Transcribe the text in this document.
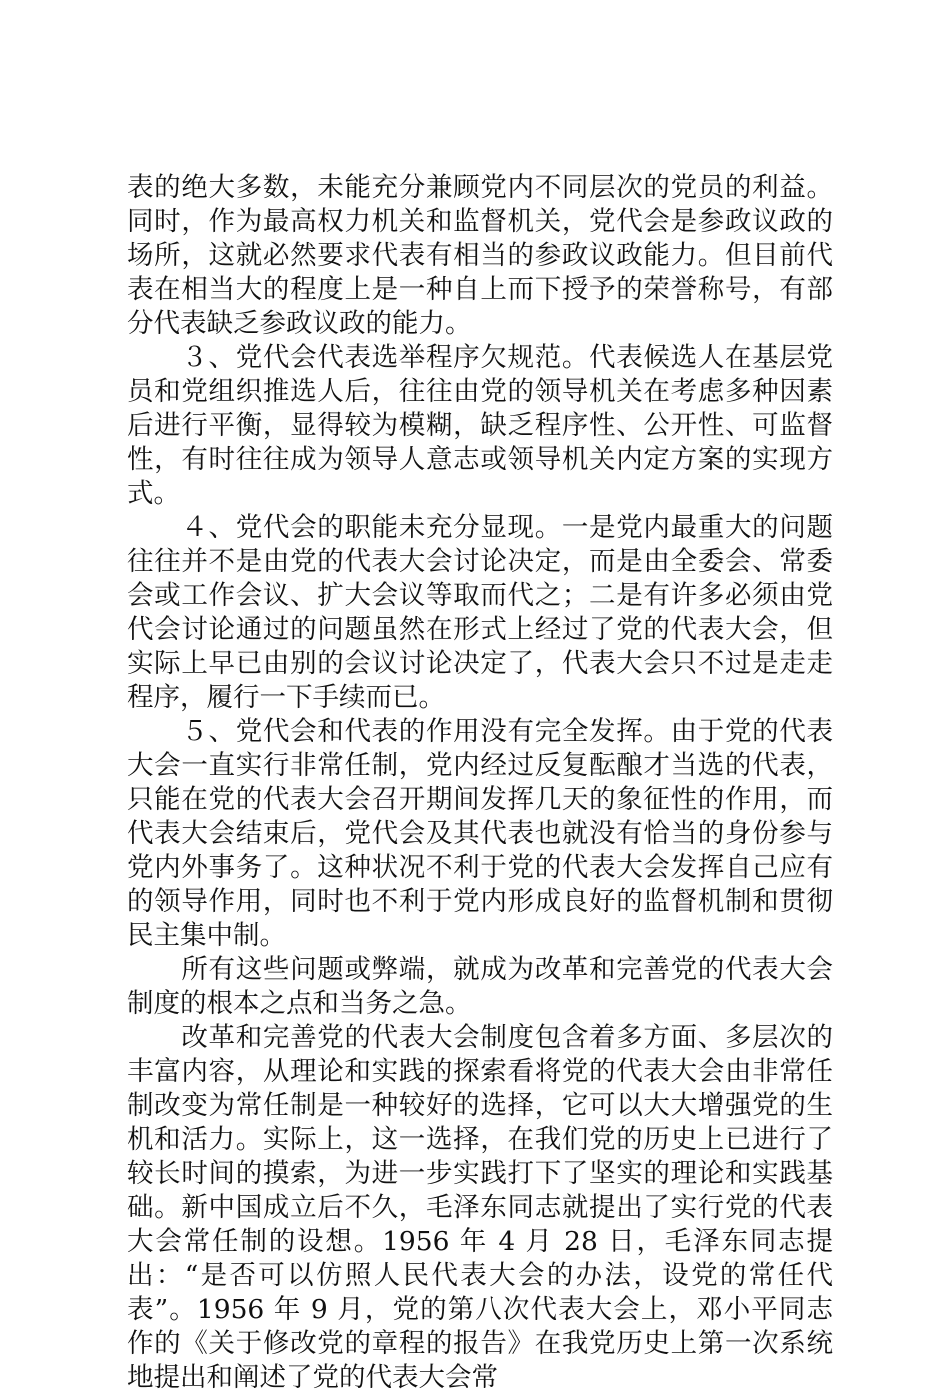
表的绝大多数，未能充分兼顾党内不同层次的党员的利益。同时，作为最高权力机关和监督机关，党代会是参政议政的场所，这就必然要求代表有相当的参政议政能力。但目前代表在相当大的程度上是一种自上而下授予的荣誉称号，有部分代表缺乏参政议政的能力。

　　３、党代会代表选举程序欠规范。代表候选人在基层党员和党组织推选人后，往往由党的领导机关在考虑多种因素后进行平衡，显得较为模糊，缺乏程序性、公开性、可监督性，有时往往成为领导人意志或领导机关内定方案的实现方式。

　　４、党代会的职能未充分显现。一是党内最重大的问题往往并不是由党的代表大会讨论决定，而是由全委会、常委会或工作会议、扩大会议等取而代之；二是有许多必须由党代会讨论通过的问题虽然在形式上经过了党的代表大会，但实际上早已由别的会议讨论决定了，代表大会只不过是走走程序，履行一下手续而已。

　　５、党代会和代表的作用没有完全发挥。由于党的代表大会一直实行非常任制，党内经过反复酝酿才当选的代表，只能在党的代表大会召开期间发挥几天的象征性的作用，而代表大会结束后，党代会及其代表也就没有恰当的身份参与党内外事务了。这种状况不利于党的代表大会发挥自己应有的领导作用，同时也不利于党内形成良好的监督机制和贯彻民主集中制。

　　所有这些问题或弊端，就成为改革和完善党的代表大会制度的根本之点和当务之急。

　　改革和完善党的代表大会制度包含着多方面、多层次的丰富内容，从理论和实践的探索看将党的代表大会由非常任制改变为常任制是一种较好的选择，它可以大大增强党的生机和活力。实际上，这一选择，在我们党的历史上已进行了较长时间的摸索，为进一步实践打下了坚实的理论和实践基础。新中国成立后不久，毛泽东同志就提出了实行党的代表大会常任制的设想。1956 年 4 月 28 日，毛泽东同志提出：“是否可以仿照人民代表大会的办法，设党的常任代表”。1956 年 9 月，党的第八次代表大会上，邓小平同志作的《关于修改党的章程的报告》在我党历史上第一次系统地提出和阐述了党的代表大会常
